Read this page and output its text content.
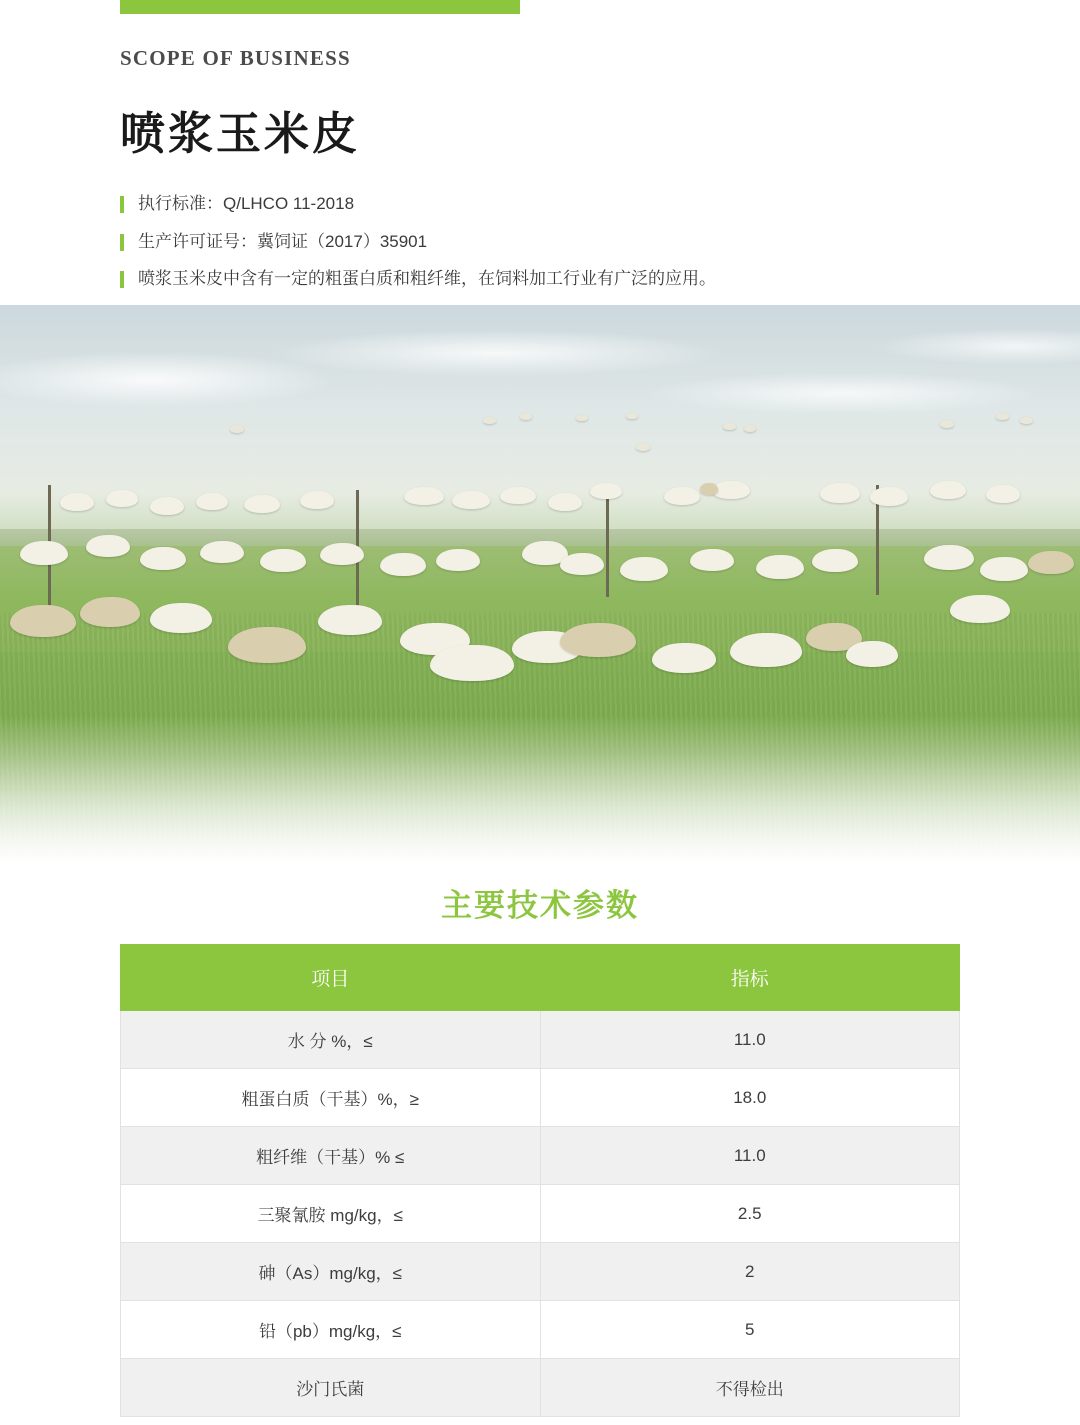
SCOPE OF BUSINESS

喷浆玉米皮
执行标准：Q/LHCO 11-2018
生产许可证号：冀饲证（2017）35901
喷浆玉米皮中含有一定的粗蛋白质和粗纤维，在饲料加工行业有广泛的应用。
主要技术参数
项目	指标
水 分 %，≤	11.0
粗蛋白质（干基）%，≥	18.0
粗纤维（干基）% ≤	11.0
三聚氰胺 mg/kg，≤	2.5
砷（As）mg/kg，≤	2
铅（pb）mg/kg，≤	5
沙门氏菌	不得检出
